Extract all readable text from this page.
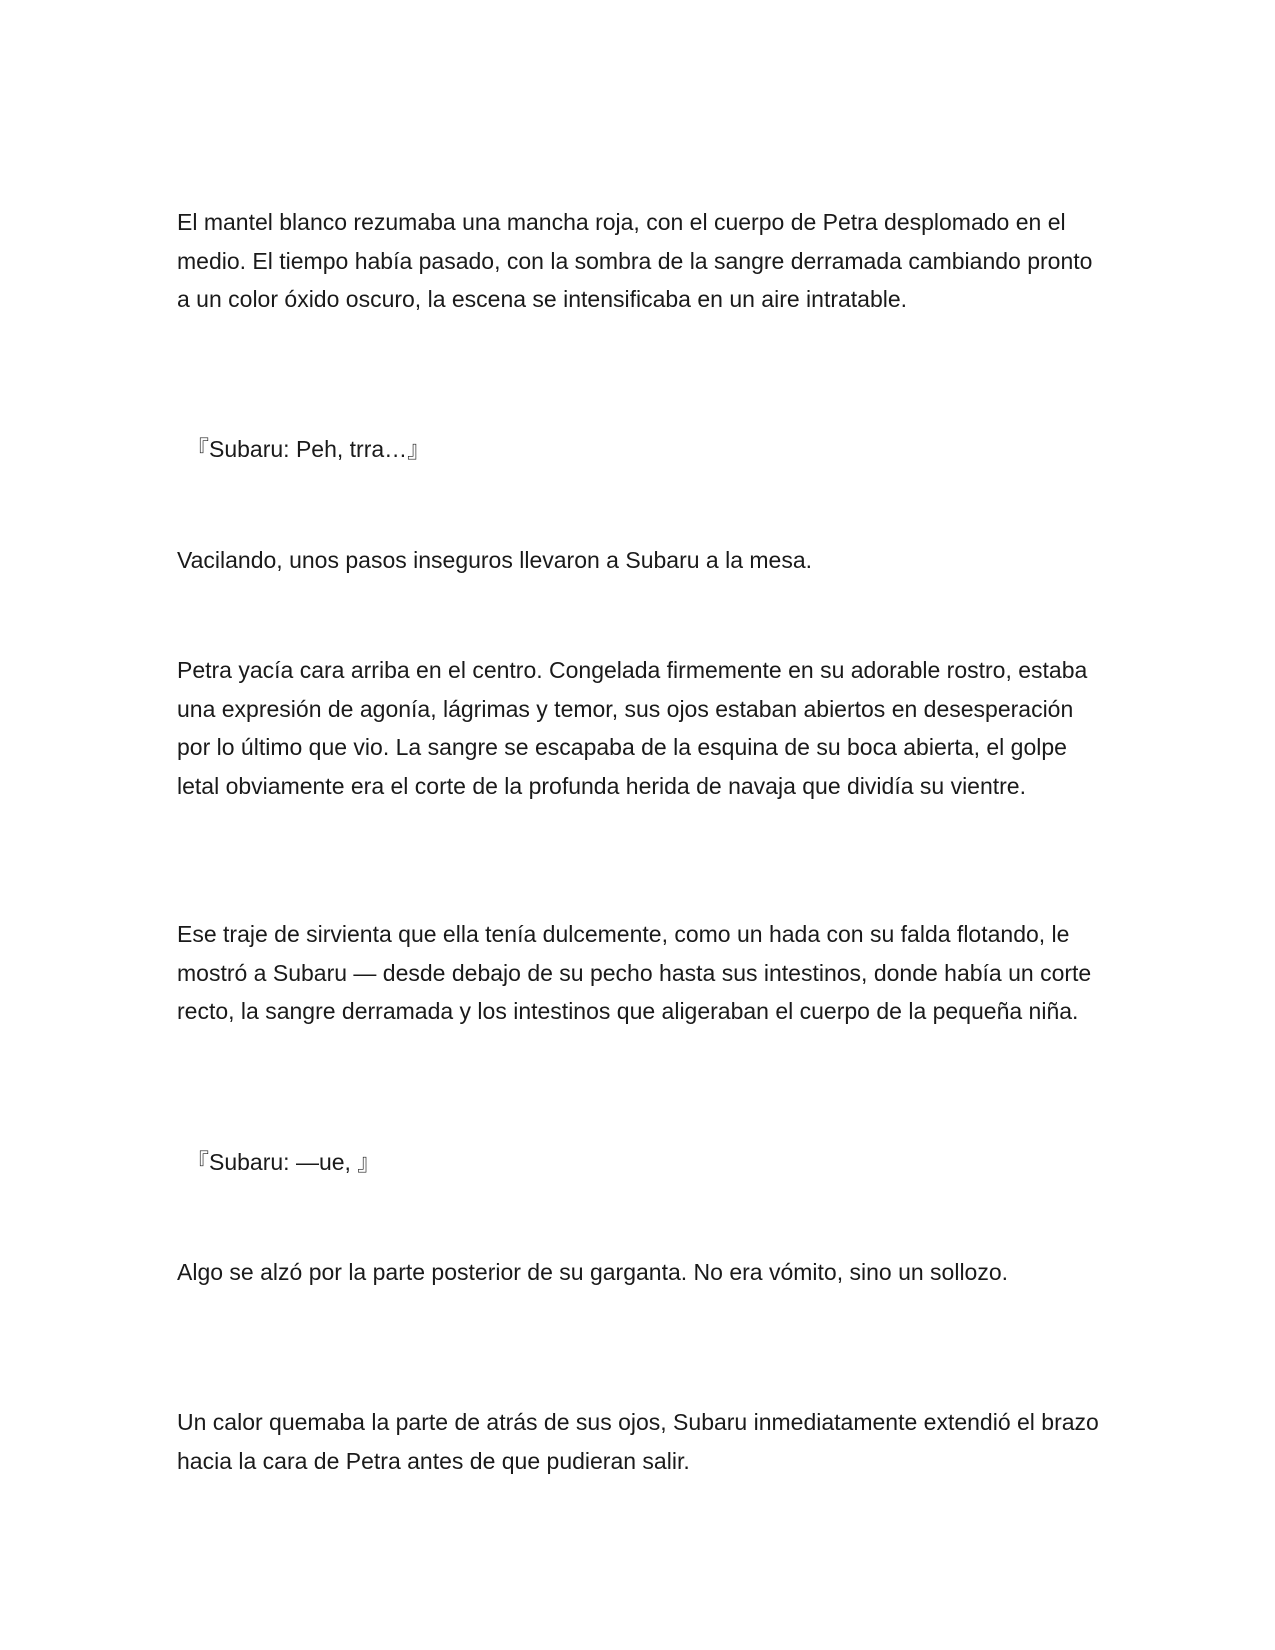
El mantel blanco rezumaba una mancha roja, con el cuerpo de Petra desplomado en el medio. El tiempo había pasado, con la sombra de la sangre derramada cambiando pronto a un color óxido oscuro, la escena se intensificaba en un aire intratable.

『Subaru: Peh, trra…』

Vacilando, unos pasos inseguros llevaron a Subaru a la mesa.

Petra yacía cara arriba en el centro. Congelada firmemente en su adorable rostro, estaba una expresión de agonía, lágrimas y temor, sus ojos estaban abiertos en desesperación por lo último que vio. La sangre se escapaba de la esquina de su boca abierta, el golpe letal obviamente era el corte de la profunda herida de navaja que dividía su vientre.

Ese traje de sirvienta que ella tenía dulcemente, como un hada con su falda flotando, le mostró a Subaru — desde debajo de su pecho hasta sus intestinos, donde había un corte recto, la sangre derramada y los intestinos que aligeraban el cuerpo de la pequeña niña.

『Subaru: —ue, 』

Algo se alzó por la parte posterior de su garganta. No era vómito, sino un sollozo.

Un calor quemaba la parte de atrás de sus ojos, Subaru inmediatamente extendió el brazo hacia la cara de Petra antes de que pudieran salir.
